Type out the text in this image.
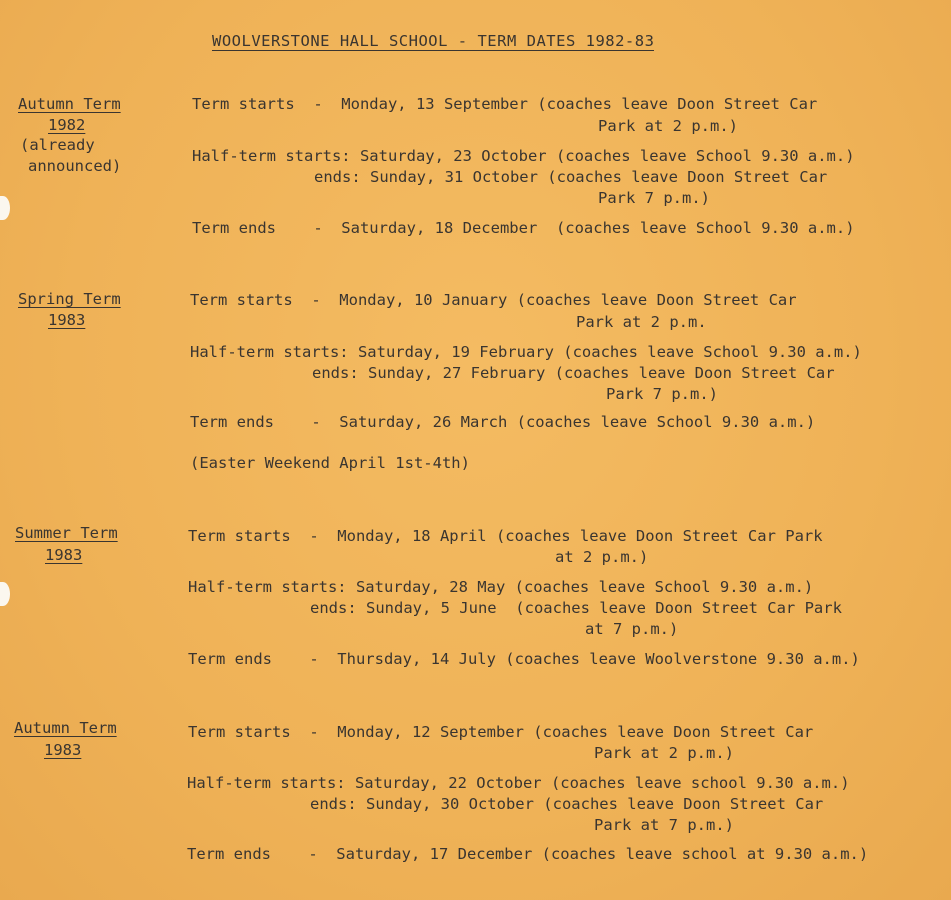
WOOLVERSTONE HALL SCHOOL - TERM DATES 1982-83
Autumn Term
1982
(already
announced)
Term starts  -  Monday, 13 September (coaches leave Doon Street Car
Park at 2 p.m.)
Half-term starts: Saturday, 23 October (coaches leave School 9.30 a.m.)
ends: Sunday, 31 October (coaches leave Doon Street Car
Park 7 p.m.)
Term ends    -  Saturday, 18 December  (coaches leave School 9.30 a.m.)
Spring Term
1983
Term starts  -  Monday, 10 January (coaches leave Doon Street Car
Park at 2 p.m.
Half-term starts: Saturday, 19 February (coaches leave School 9.30 a.m.)
ends: Sunday, 27 February (coaches leave Doon Street Car
Park 7 p.m.)
Term ends    -  Saturday, 26 March (coaches leave School 9.30 a.m.)
(Easter Weekend April 1st-4th)
Summer Term
1983
Term starts  -  Monday, 18 April (coaches leave Doon Street Car Park
at 2 p.m.)
Half-term starts: Saturday, 28 May (coaches leave School 9.30 a.m.)
ends: Sunday, 5 June  (coaches leave Doon Street Car Park
at 7 p.m.)
Term ends    -  Thursday, 14 July (coaches leave Woolverstone 9.30 a.m.)
Autumn Term
1983
Term starts  -  Monday, 12 September (coaches leave Doon Street Car
Park at 2 p.m.)
Half-term starts: Saturday, 22 October (coaches leave school 9.30 a.m.)
ends: Sunday, 30 October (coaches leave Doon Street Car
Park at 7 p.m.)
Term ends    -  Saturday, 17 December (coaches leave school at 9.30 a.m.)
